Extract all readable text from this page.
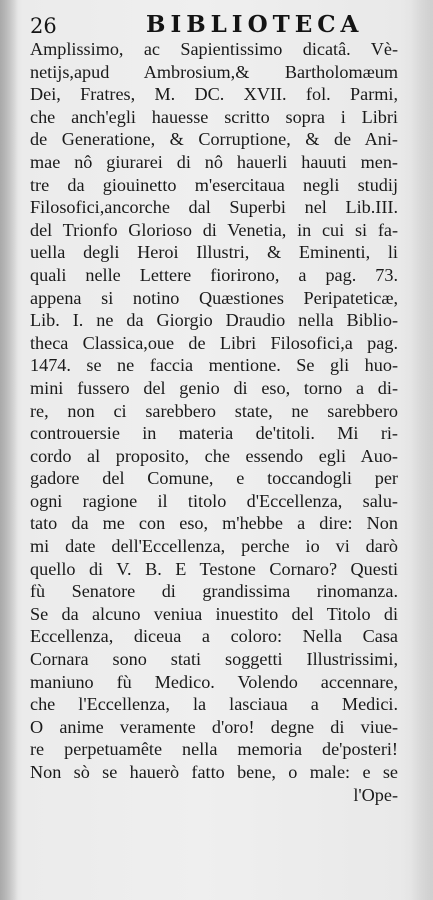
26	BIBLIOTECA
Amplissimo, ac Sapientissimo dicatâ. Vè-
netijs,apud Ambrosium,& Bartholomæum
Dei, Fratres, M. DC. XVII. fol. Parmi,
che anch'egli hauesse scritto sopra i Libri
de Generatione, & Corruptione, & de Ani-
mae nô giurarei di nô hauerli hauuti men-
tre da giouinetto m'esercitaua negli studij
Filosofici,ancorche dal Superbi nel Lib.III.
del Trionfo Glorioso di Venetia, in cui si fa-
uella degli Heroi Illustri, & Eminenti, li
quali nelle Lettere fiorirono, a pag. 73.
appena si notino Quæstiones Peripateticæ,
Lib. I. ne da Giorgio Draudio nella Biblio-
theca Classica,oue de Libri Filosofici,a pag.
1474. se ne faccia mentione. Se gli huo-
mini fussero del genio di eso, torno a di-
re, non ci sarebbero state, ne sarebbero
controuersie in materia de'titoli. Mi ri-
cordo al proposito, che essendo egli Auo-
gadore del Comune, e toccandogli per
ogni ragione il titolo d'Eccellenza, salu-
tato da me con eso, m'hebbe a dire: Non
mi date dell'Eccellenza, perche io vi darò
quello di V. B. E Testone Cornaro? Questi
fù Senatore di grandissima rinomanza.
Se da alcuno veniua inuestito del Titolo di
Eccellenza, diceua a coloro: Nella Casa
Cornara sono stati soggetti Illustrissimi,
maniuno fù Medico. Volendo accennare,
che l'Eccellenza, la lasciaua a Medici.
O anime veramente d'oro! degne di viue-
re perpetuamête nella memoria de'posteri!
Non sò se hauerò fatto bene, o male: e se
l'Ope-
